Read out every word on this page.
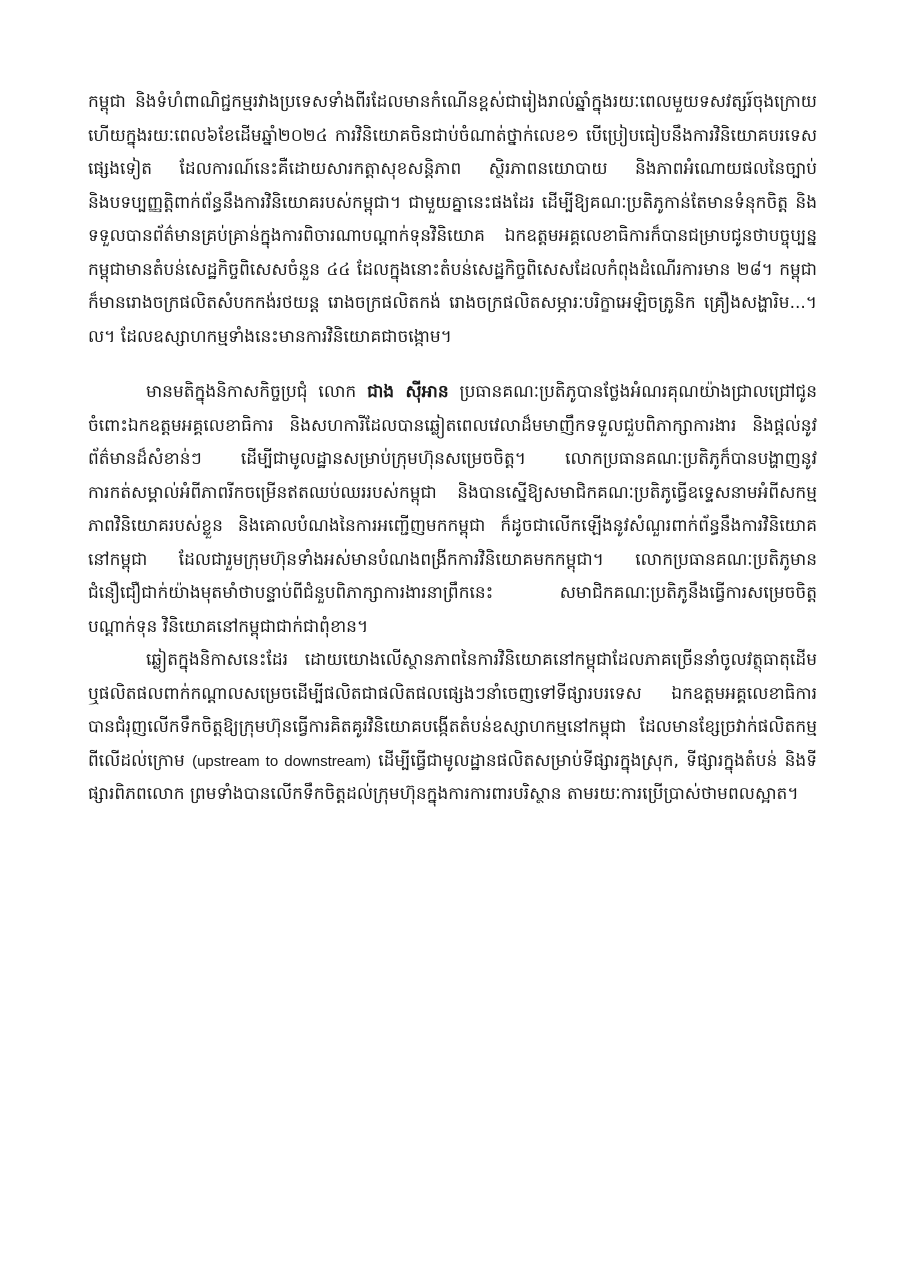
កម្ពុជា និងទំហំពាណិជ្ជកម្មរវាងប្រទេសទាំងពីរដែលមានកំណើនខ្ពស់ជារៀងរាល់ឆ្នាំក្នុងរយៈពេលមួយទសវត្សរ៍ចុងក្រោយ ហើយក្នុងរយៈពេល៦ខែដើមឆ្នាំ២០២៤ ការវិនិយោគចិនជាប់ចំណាត់ថ្នាក់លេខ១ បើប្រៀបធៀបនឹងការវិនិយោគបរទេសផ្សេងទៀត ដែលការណ៍នេះគឺដោយសារកត្តាសុខសន្តិភាព ស្ថិរភាពនយោបាយ និងភាពអំណោយផលនៃច្បាប់ និងបទប្បញ្ញត្តិពាក់ព័ន្ធនឹងការវិនិយោគរបស់កម្ពុជា។ ជាមួយគ្នានេះផងដែរ ដើម្បីឱ្យគណៈប្រតិភូកាន់តែមានទំនុកចិត្ត និងទទួលបានព័ត៌មានគ្រប់គ្រាន់ក្នុងការពិចារណាបណ្តាក់ទុនវិនិយោគ ឯកឧត្តមអគ្គលេខាធិការក៏បានជម្រាបជូនថាបច្ចុប្បន្នកម្ពុជាមានតំបន់សេដ្ឋកិច្ចពិសេសចំនួន ៤៤ ដែលក្នុងនោះតំបន់សេដ្ឋកិច្ចពិសេសដែលកំពុងដំណើរការមាន ២៨។ កម្ពុជាក៏មានរោងចក្រផលិតសំបកកង់រថយន្ត រោងចក្រផលិតកង់ រោងចក្រផលិតសម្ភារៈបរិក្ខាអេឡិចត្រូនិក គ្រឿងសង្ហារិម...។ល។ ដែលឧស្សាហកម្មទាំងនេះមានការវិនិយោគជាចង្កោម។

មានមតិក្នុងនិកាសកិច្ចប្រជុំ លោក ជាង ស៊ីអាន ប្រធានគណៈប្រតិភូបានថ្លែងអំណរគុណយ៉ាងជ្រាលជ្រៅជូនចំពោះឯកឧត្តមអគ្គលេខាធិការ និងសហការីដែលបានឆ្លៀតពេលវេលាដ៏មមាញឹកទទួលជួបពិភាក្សាការងារ និងផ្តល់នូវព័ត៌មានដ៏សំខាន់ៗ ដើម្បីជាមូលដ្ឋានសម្រាប់ក្រុមហ៊ុនសម្រេចចិត្ត។ លោកប្រធានគណៈប្រតិភូក៏បានបង្ហាញនូវការកត់សម្គាល់អំពីភាពរីកចម្រើនឥតឈប់ឈររបស់កម្ពុជា និងបានស្នើឱ្យសមាជិកគណៈប្រតិភូធ្វើឧទ្ទេសនាមអំពីសកម្មភាពវិនិយោគរបស់ខ្លួន និងគោលបំណងនៃការអញ្ជើញមកកម្ពុជា ក៏ដូចជាលើកឡើងនូវសំណួរពាក់ព័ន្ធនឹងការវិនិយោគនៅកម្ពុជា ដែលជារួមក្រុមហ៊ុនទាំងអស់មានបំណងពង្រីកការវិនិយោគមកកម្ពុជា។ លោកប្រធានគណៈប្រតិភូមានជំនឿជឿជាក់យ៉ាងមុតមាំថាបន្ទាប់ពីជំនួបពិភាក្សាការងារនាព្រឹកនេះ សមាជិកគណៈប្រតិភូនឹងធ្វើការសម្រេចចិត្តបណ្តាក់ទុន វិនិយោគនៅកម្ពុជាជាក់ជាពុំខាន។

ឆ្លៀតក្នុងនិកាសនេះដែរ ដោយយោងលើស្ថានភាពនៃការវិនិយោគនៅកម្ពុជាដែលភាគច្រើននាំចូលវត្ថុធាតុដើម ឬផលិតផលពាក់កណ្តាលសម្រេចដើម្បីផលិតជាផលិតផលផ្សេងៗនាំចេញទៅទីផ្សារបរទេស ឯកឧត្តមអគ្គលេខាធិការបានជំរុញលើកទឹកចិត្តឱ្យក្រុមហ៊ុនធ្វើការគិតគូរវិនិយោគបង្កើតតំបន់ឧស្សាហកម្មនៅកម្ពុជា ដែលមានខ្សែច្រវាក់ផលិតកម្មពីលើដល់ក្រោម (upstream to downstream) ដើម្បីធ្វើជាមូលដ្ឋានផលិតសម្រាប់ទីផ្សារក្នុងស្រុក, ទីផ្សារក្នុងតំបន់ និងទីផ្សារពិភពលោក ព្រមទាំងបានលើកទឹកចិត្តដល់ក្រុមហ៊ុនក្នុងការការពារបរិស្ថាន តាមរយៈការប្រើប្រាស់ថាមពលស្អាត។
